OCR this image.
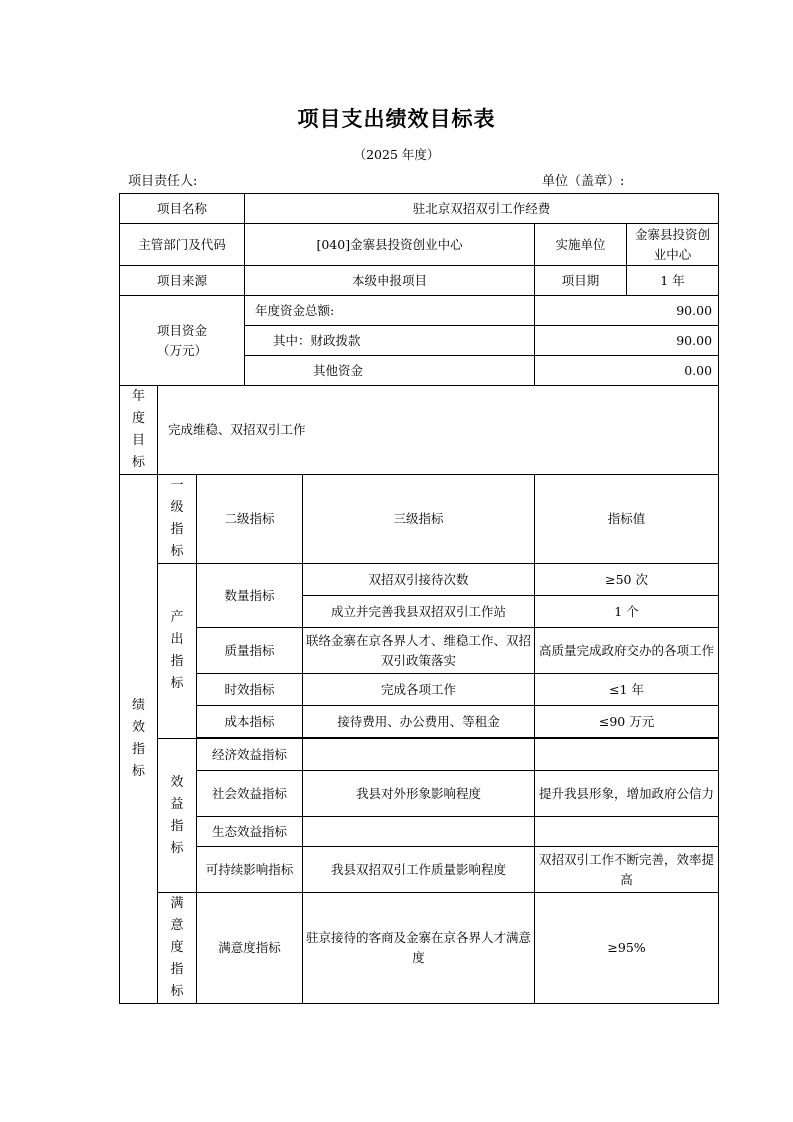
项目支出绩效目标表
（2025 年度）
项目责任人:	单位（盖章）:
项目名称			驻北京双招双引工作经费			
主管部门及代码			[040]金寨县投资创业中心		实施单位	金寨县投资创业中心
项目来源			本级申报项目		项目期	1 年

项目资金
（万元）			年度资金总额:		90.00	
			其中：财政拨款		90.00	
			其他资金		0.00	

年度目标	完成维稳、双招双引工作					

绩效指标	一级指标	二级指标		三级指标	指标值	

	产出指标	数量指标		双招双引接待次数	≥50 次	
				成立并完善我县双招双引工作站	1 个	
		质量指标		联络金寨在京各界人才、维稳工作、双招双引政策落实	高质量完成政府交办的各项工作	
		时效指标		完成各项工作	≤1 年	
		成本指标		接待费用、办公费用、等租金	≤90 万元	

	效益指标	经济效益指标				
		社会效益指标		我县对外形象影响程度	提升我县形象，增加政府公信力	
		生态效益指标				
		可持续影响指标		我县双招双引工作质量影响程度	双招双引工作不断完善，效率提高	

	满意度指标	满意度指标		驻京接待的客商及金寨在京各界人才满意度	≥95%	
